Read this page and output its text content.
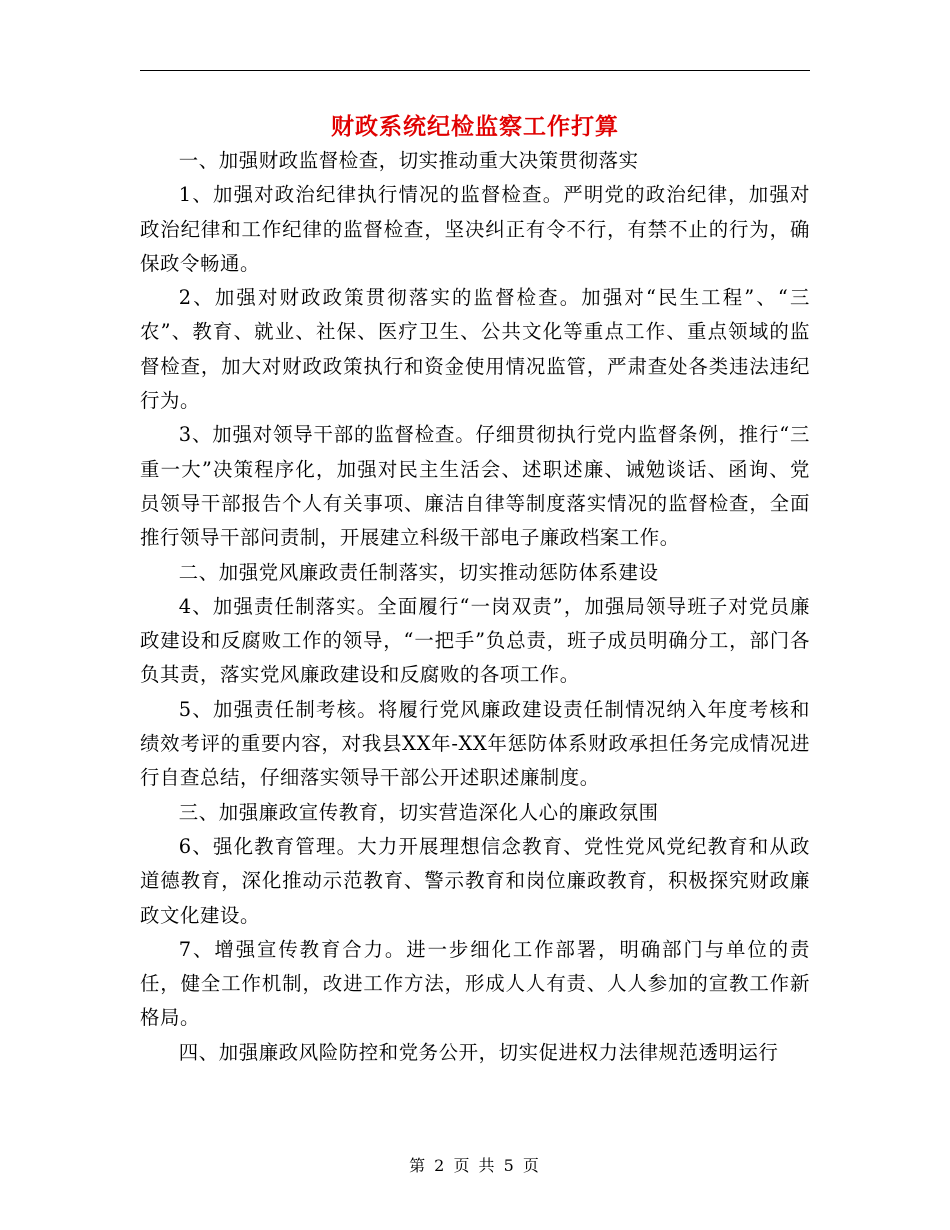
财政系统纪检监察工作打算

一、加强财政监督检查，切实推动重大决策贯彻落实

1、加强对政治纪律执行情况的监督检查。严明党的政治纪律，加强对政治纪律和工作纪律的监督检查，坚决纠正有令不行，有禁不止的行为，确保政令畅通。

2、加强对财政政策贯彻落实的监督检查。加强对“民生工程”、“三农”、教育、就业、社保、医疗卫生、公共文化等重点工作、重点领域的监督检查，加大对财政政策执行和资金使用情况监管，严肃查处各类违法违纪行为。

3、加强对领导干部的监督检查。仔细贯彻执行党内监督条例，推行“三重一大”决策程序化，加强对民主生活会、述职述廉、诫勉谈话、函询、党员领导干部报告个人有关事项、廉洁自律等制度落实情况的监督检查，全面推行领导干部问责制，开展建立科级干部电子廉政档案工作。

二、加强党风廉政责任制落实，切实推动惩防体系建设

4、加强责任制落实。全面履行“一岗双责”，加强局领导班子对党员廉政建设和反腐败工作的领导，“一把手”负总责，班子成员明确分工，部门各负其责，落实党风廉政建设和反腐败的各项工作。

5、加强责任制考核。将履行党风廉政建设责任制情况纳入年度考核和绩效考评的重要内容，对我县XX年-XX年惩防体系财政承担任务完成情况进行自查总结，仔细落实领导干部公开述职述廉制度。

三、加强廉政宣传教育，切实营造深化人心的廉政氛围

6、强化教育管理。大力开展理想信念教育、党性党风党纪教育和从政道德教育，深化推动示范教育、警示教育和岗位廉政教育，积极探究财政廉政文化建设。

7、增强宣传教育合力。进一步细化工作部署，明确部门与单位的责任，健全工作机制，改进工作方法，形成人人有责、人人参加的宣教工作新格局。

四、加强廉政风险防控和党务公开，切实促进权力法律规范透明运行

第 2 页 共 5 页
